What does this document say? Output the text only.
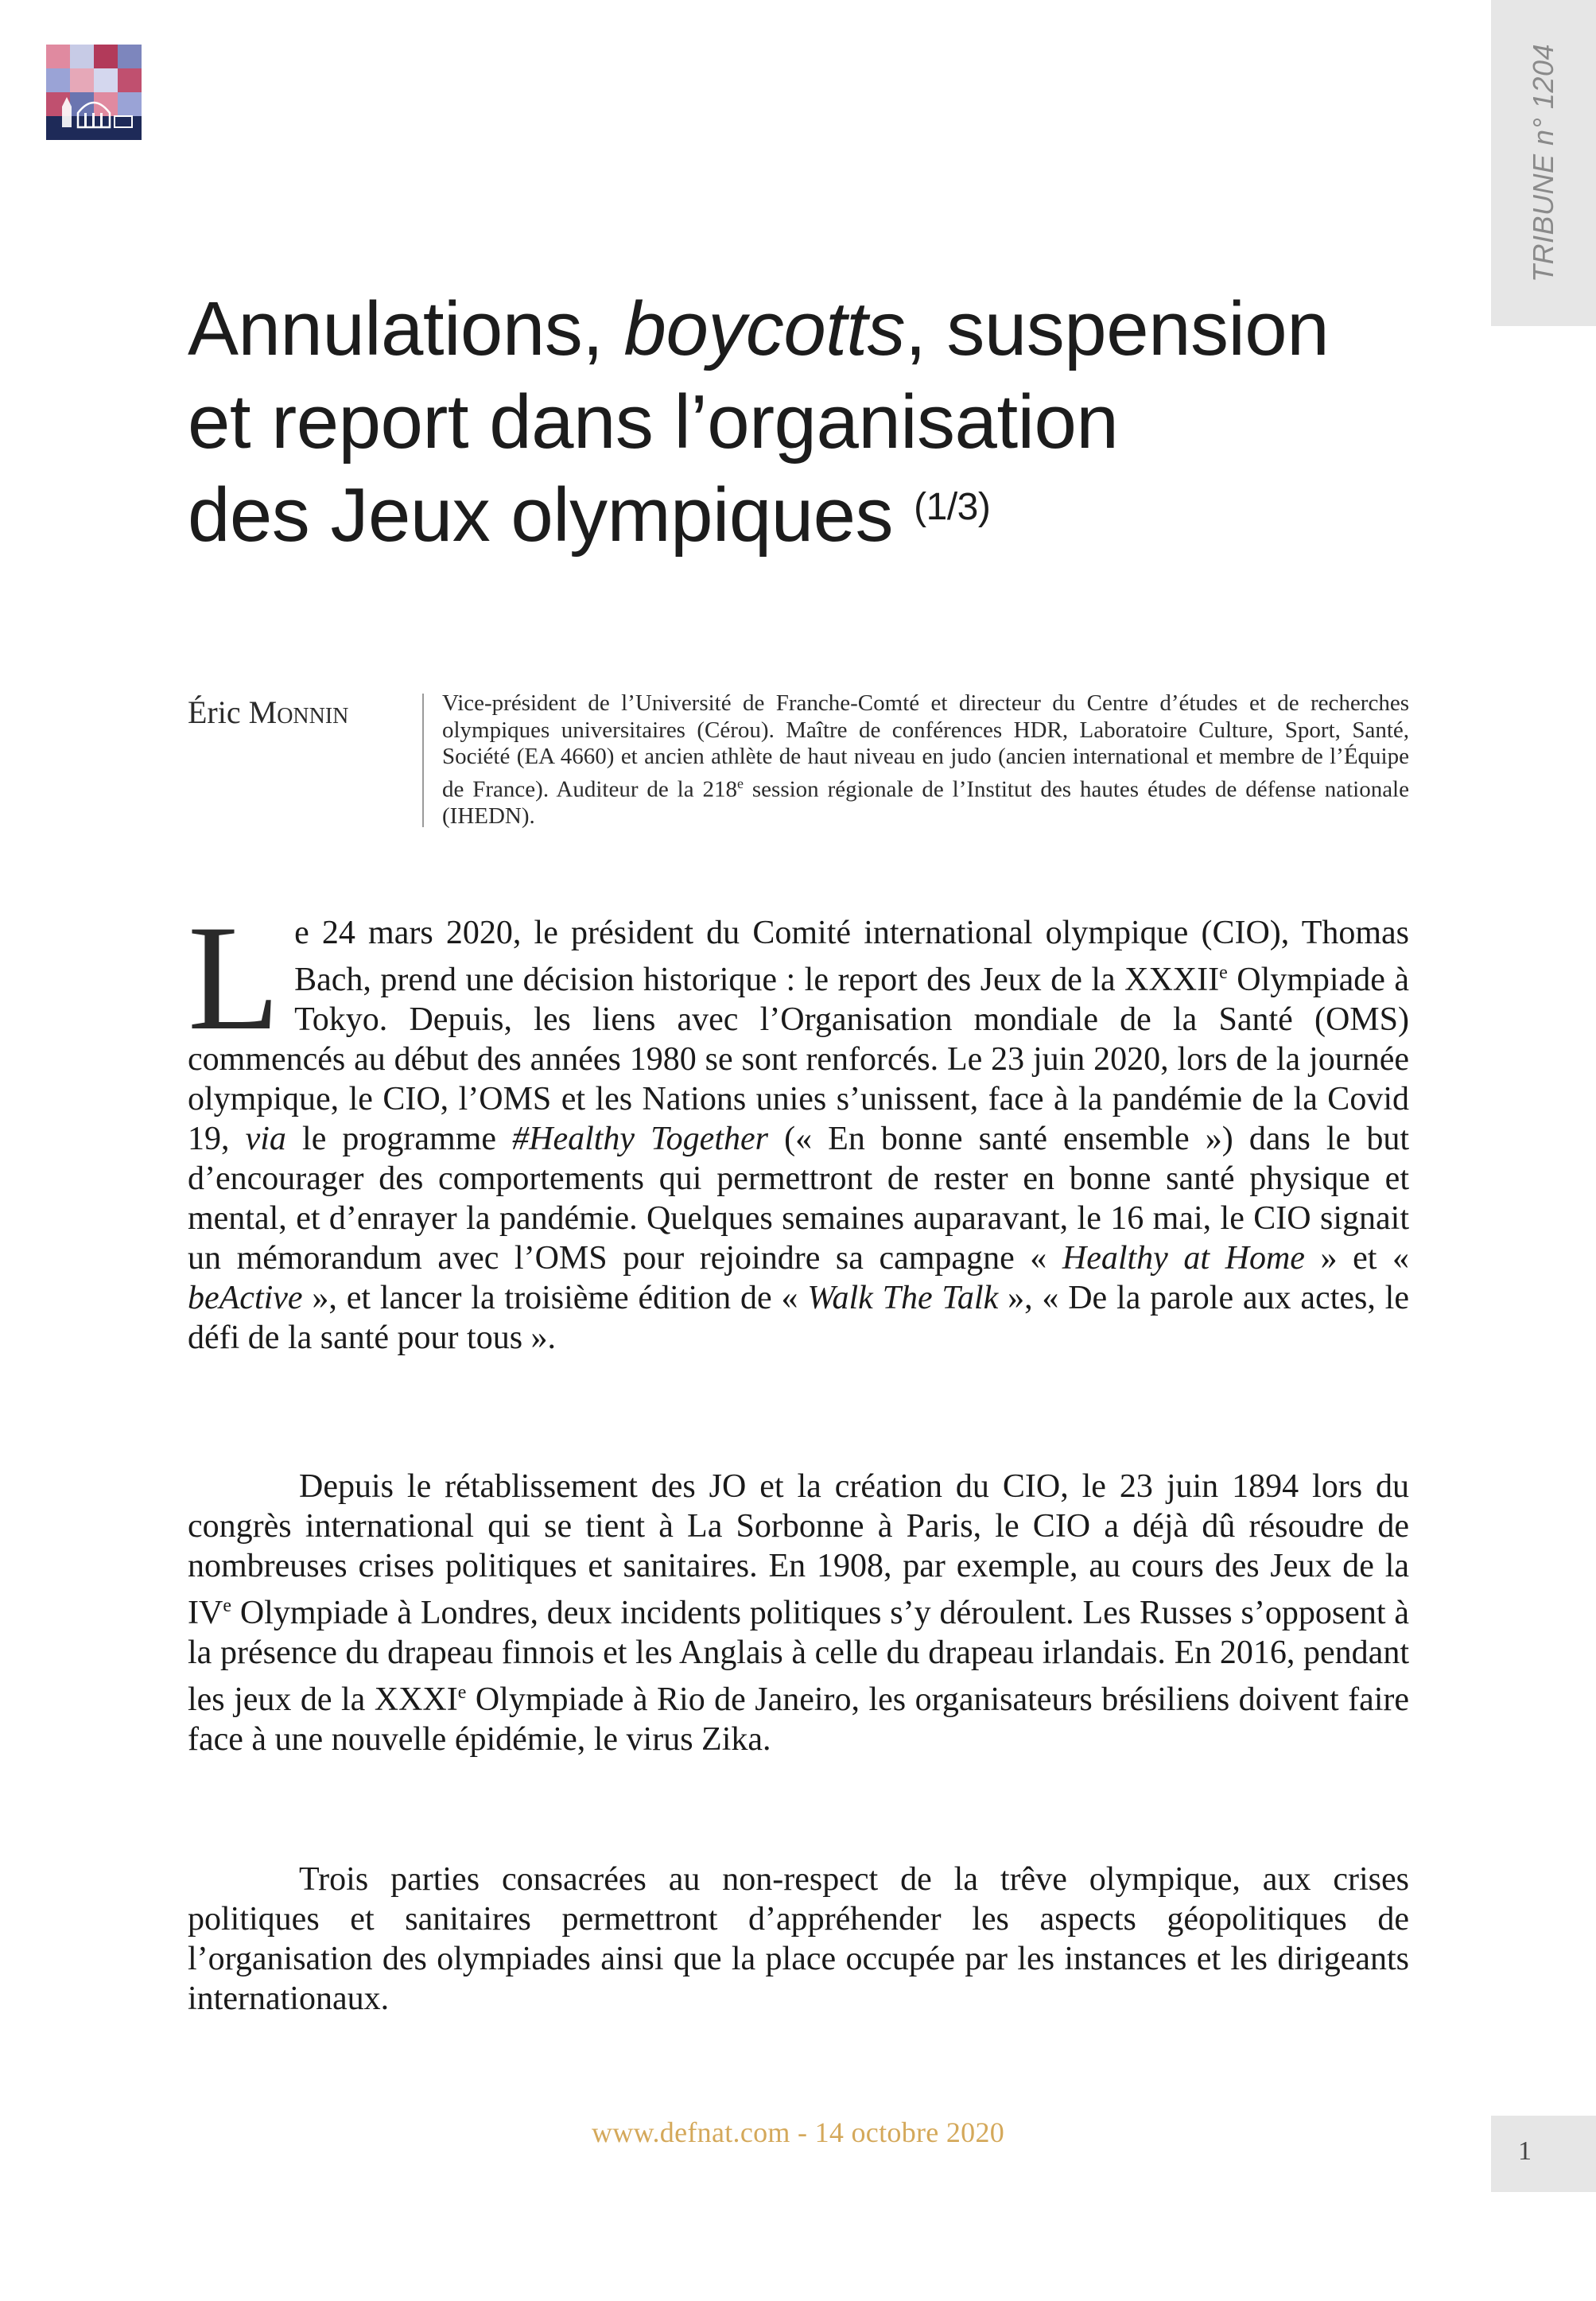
© TOUS DROITS RÉSERVÉS	TRIBUNE n° 1204
Annulations, boycotts, suspension
et report dans l’organisation
des Jeux olympiques $^{(1/3)}$
Éric Monnin	Vice-président de l’Université de Franche-Comté et directeur du Centre d’études et de recherches olympiques universitaires (Cérou). Maître de conférences HDR, Laboratoire Culture, Sport, Santé, Société (EA 4660) et ancien athlète de haut niveau en judo (ancien international et membre de l’Équipe de France). Auditeur de la 218e session régionale de l’Institut des hautes études de défense nationale (IHEDN).

Le 24 mars 2020, le président du Comité international olympique (CIO), Thomas Bach, prend une décision historique : le report des Jeux de la XXXIIe Olympiade à Tokyo. Depuis, les liens avec l’Organisation mondiale de la Santé (OMS) commencés au début des années 1980 se sont renforcés. Le 23 juin 2020, lors de la journée olympique, le CIO, l’OMS et les Nations unies s’unissent, face à la pandémie de la Covid 19, via le programme #Healthy Together (« En bonne santé ensemble ») dans le but d’encourager des comportements qui permettront de rester en bonne santé physique et mental, et d’enrayer la pandémie. Quelques semaines auparavant, le 16 mai, le CIO signait un mémorandum avec l’OMS pour rejoindre sa campagne « Healthy at Home » et « beActive », et lancer la troisième édition de « Walk The Talk », « De la parole aux actes, le défi de la santé pour tous ».

Depuis le rétablissement des JO et la création du CIO, le 23 juin 1894 lors du congrès international qui se tient à La Sorbonne à Paris, le CIO a déjà dû résoudre de nombreuses crises politiques et sanitaires. En 1908, par exemple, au cours des Jeux de la IVe Olympiade à Londres, deux incidents politiques s’y déroulent. Les Russes s’opposent à la présence du drapeau finnois et les Anglais à celle du drapeau irlandais. En 2016, pendant les jeux de la XXXIe Olympiade à Rio de Janeiro, les organisateurs brésiliens doivent faire face à une nouvelle épidémie, le virus Zika.

Trois parties consacrées au non-respect de la trêve olympique, aux crises politiques et sanitaires permettront d’appréhender les aspects géopolitiques de l’organisation des olympiades ainsi que la place occupée par les instances et les dirigeants internationaux.

www.defnat.com - 14 octobre 2020
1
